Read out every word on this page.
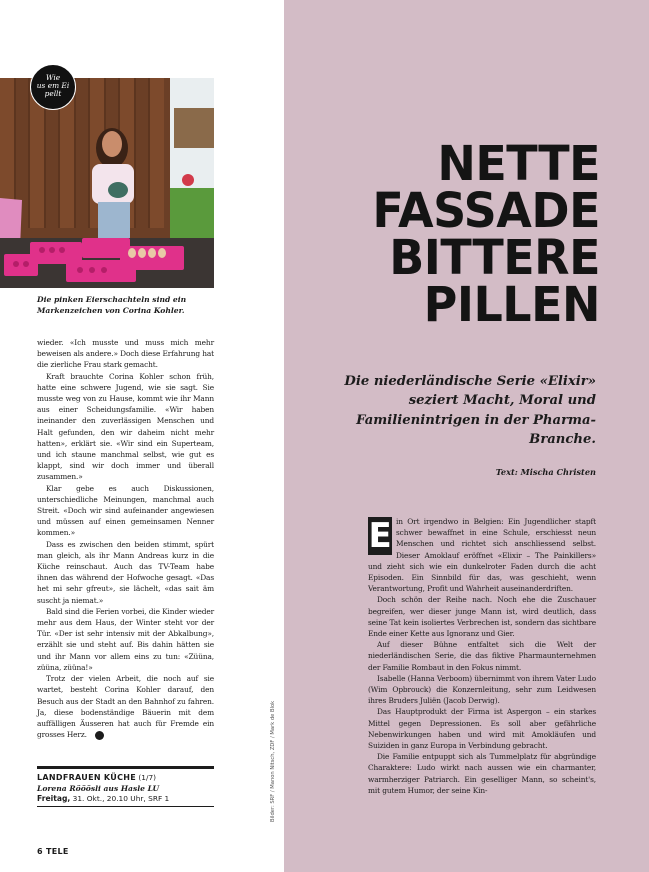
Wie
us em Ei
pellt
Die pinken Eierschachteln sind ein Markenzeichen von Corina Kohler.

wieder. «Ich musste und muss mich mehr beweisen als andere.» Doch diese Erfahrung hat die zierliche Frau stark gemacht.

Kraft brauchte Corina Kohler schon früh, hatte eine schwere Jugend, wie sie sagt. Sie musste weg von zu Hause, kommt wie ihr Mann aus einer Scheidungsfamilie. «Wir haben ineinander den zuverlässigen Menschen und Halt gefunden, den wir daheim nicht mehr hatten», erklärt sie. «Wir sind ein Superteam, und ich staune manchmal selbst, wie gut es klappt, sind wir doch immer und überall zusammen.»

Klar gebe es auch Diskussionen, unterschiedliche Meinungen, manchmal auch Streit. «Doch wir sind aufeinander angewiesen und müssen auf einen gemeinsamen Nenner kommen.»

Dass es zwischen den beiden stimmt, spürt man gleich, als ihr Mann Andreas kurz in die Küche reinschaut. Auch das TV-Team habe ihnen das während der Hofwoche gesagt. «Das het mi sehr gfreut», sie lächelt, «das sait äm suscht ja niemat.»

Bald sind die Ferien vorbei, die Kinder wieder mehr aus dem Haus, der Winter steht vor der Tür. «Der ist sehr intensiv mit der Abkalbung», erzählt sie und steht auf. Bis dahin hätten sie und ihr Mann vor allem eins zu tun: «Züüna, züüna, züüna!»

Trotz der vielen Arbeit, die noch auf sie wartet, besteht Corina Kohler darauf, den Besuch aus der Stadt an den Bahnhof zu fahren. Ja, diese bodenständige Bäuerin mit dem auffälligen Äusseren hat auch für Fremde ein grosses Herz.	T

LANDFRAUEN KÜCHE (1/7)
Lorena Rööösli aus Hasle LU
Freitag, 31. Okt., 20.10 Uhr, SRF 1
6 TELE
Bilder: SRF / Manon Nitsch, ZDF / Mark de Blok
NETTE
FASSADE
BITTERE
PILLEN
Die niederländische Serie «Elixir» seziert Macht, Moral und Familienintrigen in der Pharma-Branche.
Text: Mischa Christen

E in Ort irgendwo in Belgien: Ein Jugendlicher stapft schwer bewaffnet in eine Schule, erschiesst neun Menschen und richtet sich anschliessend selbst. Dieser Amoklauf eröffnet «Elixir – The Painkillers» und zieht sich wie ein dunkelroter Faden durch die acht Episoden. Ein Sinnbild für das, was geschieht, wenn Verantwortung, Profit und Wahrheit auseinanderdriften.

Doch schön der Reihe nach. Noch ehe die Zuschauer begreifen, wer dieser junge Mann ist, wird deutlich, dass seine Tat kein isoliertes Verbrechen ist, sondern das sichtbare Ende einer Kette aus Ignoranz und Gier.

Auf dieser Bühne entfaltet sich die Welt der niederländischen Serie, die das fiktive Pharmaunternehmen der Familie Rombaut in den Fokus nimmt.

Isabelle (Hanna Verboom) übernimmt von ihrem Vater Ludo (Wim Opbrouck) die Konzernleitung, sehr zum Leidwesen ihres Bruders Juliën (Jacob Derwig).

Das Hauptprodukt der Firma ist Aspergon – ein starkes Mittel gegen Depressionen. Es soll aber gefährliche Nebenwirkungen haben und wird mit Amokläufen und Suiziden in ganz Europa in Verbindung gebracht.

Die Familie entpuppt sich als Tummelplatz für abgründige Charaktere: Ludo wirkt nach aussen wie ein charmanter, warmherziger Patriarch. Ein geselliger Mann, so scheint's, mit gutem Humor, der seine Kin-
